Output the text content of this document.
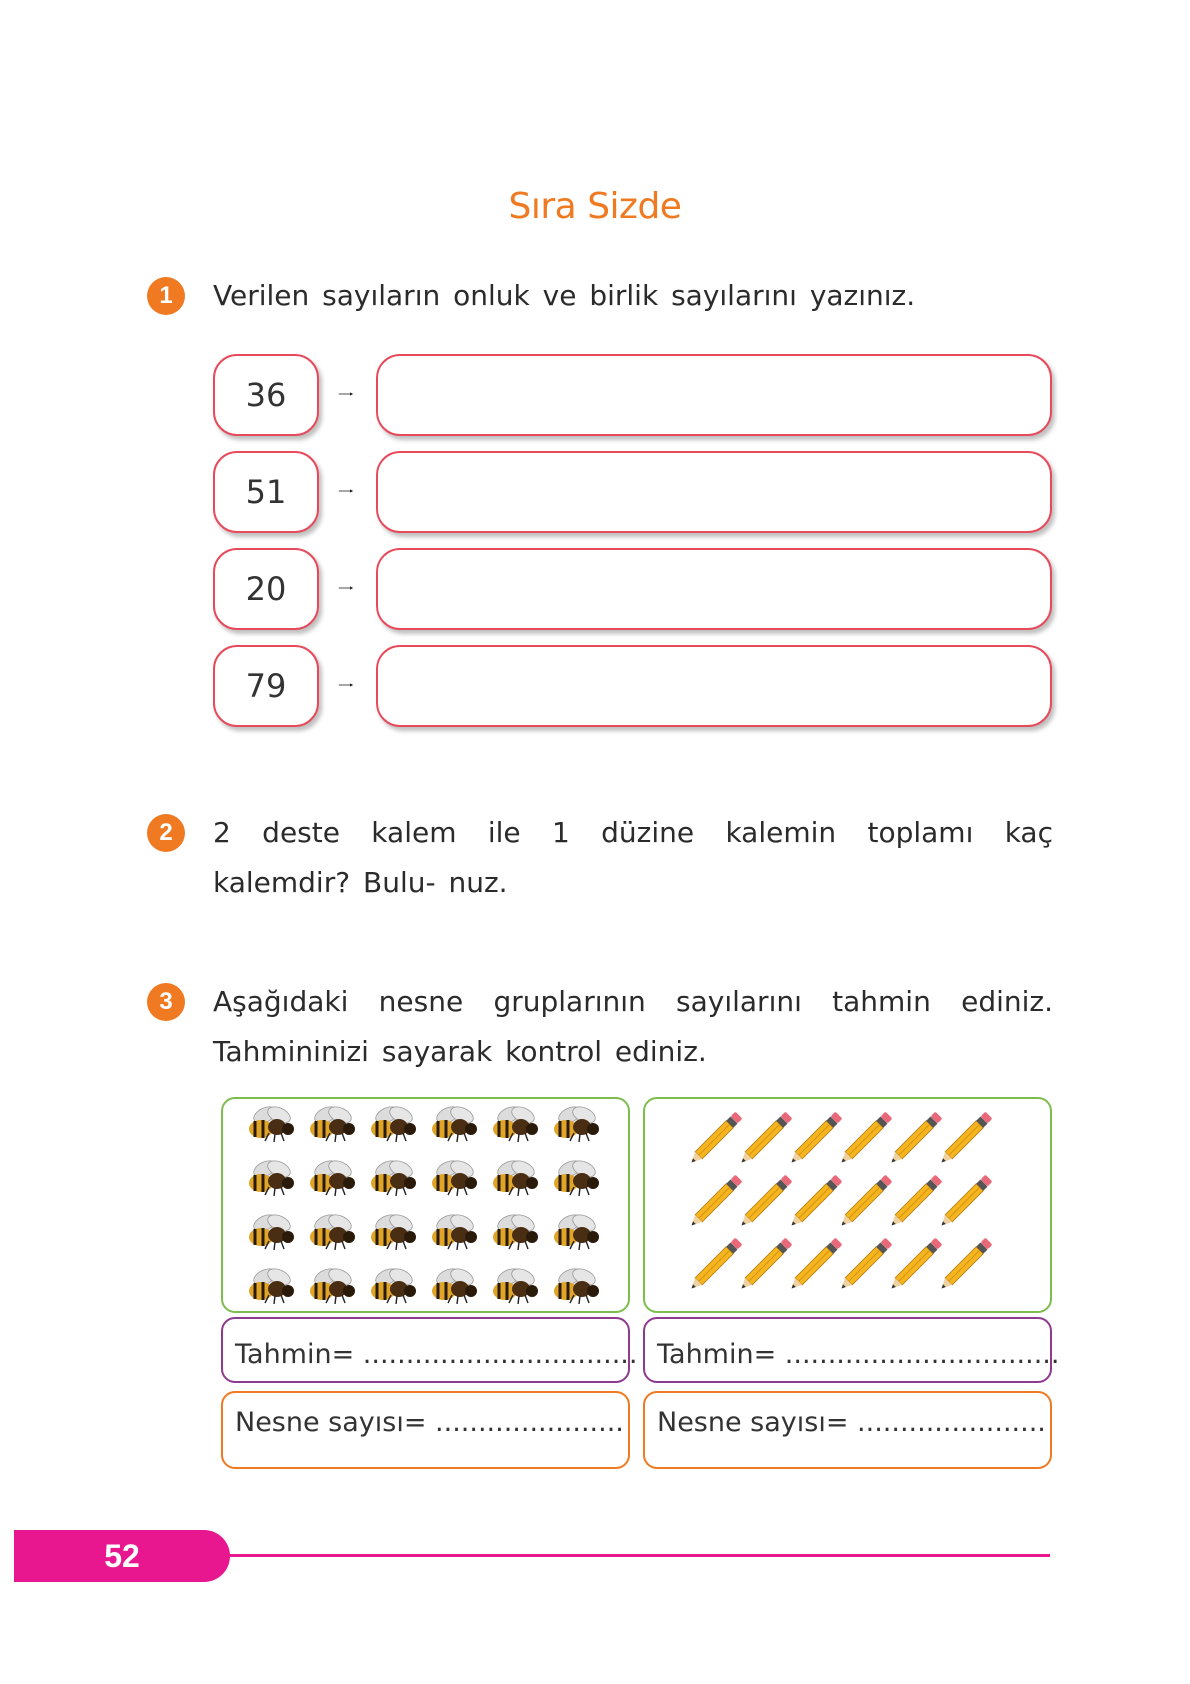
Sıra Sizde
1	Verilen sayıların onluk ve birlik sayılarını yazınız.
36
51
20
79
2	2 deste kalem ile 1 düzine kalemin toplamı kaç kalemdir? Bulu- nuz.
3	Aşağıdaki nesne gruplarının sayılarını tahmin ediniz. Tahmininizi sayarak kontrol ediniz.
Tahmin= ................................ Tahmin= ................................
Nesne sayısı= ...................... Nesne sayısı= ......................
52
